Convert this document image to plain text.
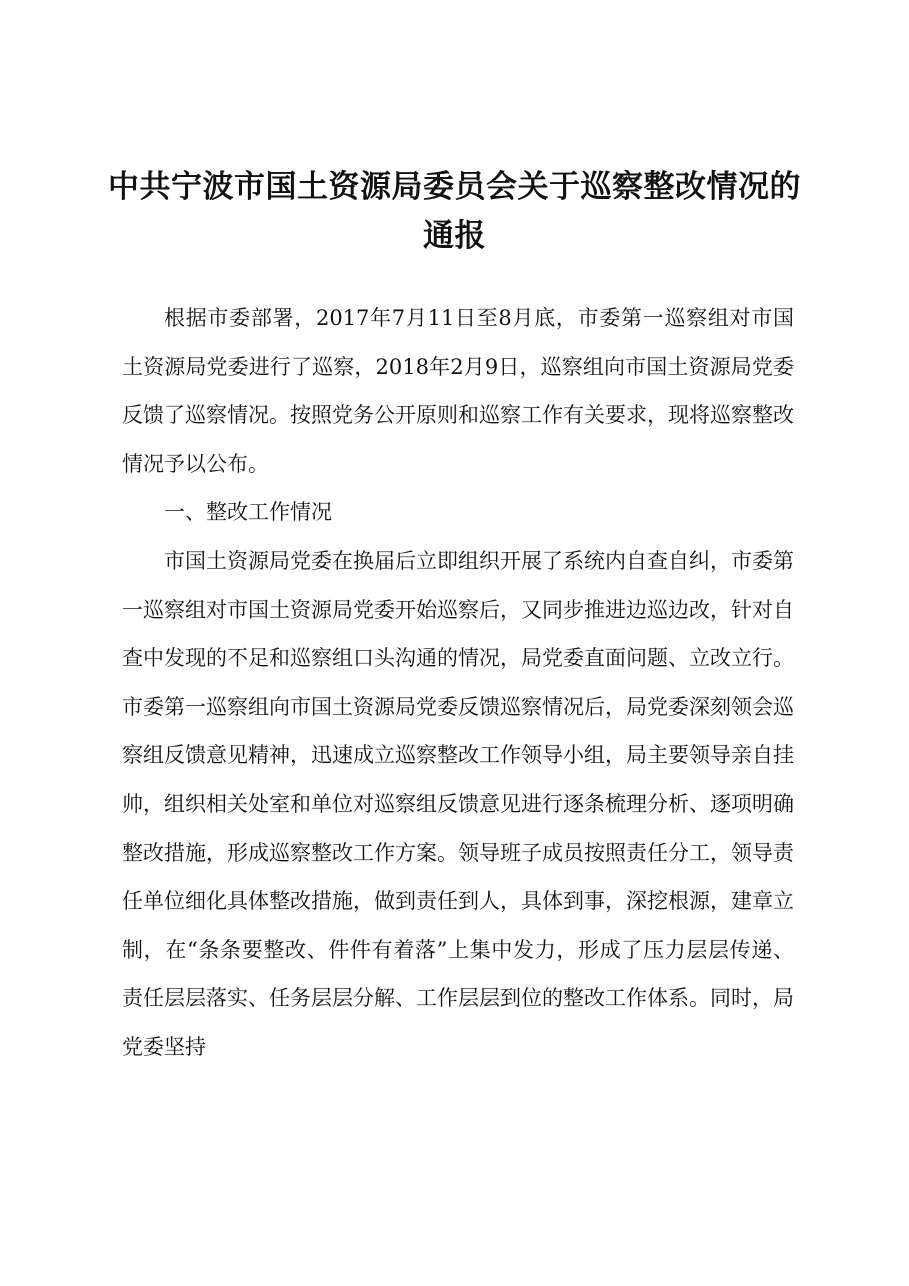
中共宁波市国土资源局委员会关于巡察整改情况的通报

根据市委部署，2017年7月11日至8月底，市委第一巡察组对市国土资源局党委进行了巡察，2018年2月9日，巡察组向市国土资源局党委反馈了巡察情况。按照党务公开原则和巡察工作有关要求，现将巡察整改情况予以公布。

一、整改工作情况

市国土资源局党委在换届后立即组织开展了系统内自查自纠，市委第一巡察组对市国土资源局党委开始巡察后，又同步推进边巡边改，针对自查中发现的不足和巡察组口头沟通的情况，局党委直面问题、立改立行。市委第一巡察组向市国土资源局党委反馈巡察情况后，局党委深刻领会巡察组反馈意见精神，迅速成立巡察整改工作领导小组，局主要领导亲自挂帅，组织相关处室和单位对巡察组反馈意见进行逐条梳理分析、逐项明确整改措施，形成巡察整改工作方案。领导班子成员按照责任分工，领导责任单位细化具体整改措施，做到责任到人，具体到事，深挖根源，建章立制，在“条条要整改、件件有着落”上集中发力，形成了压力层层传递、责任层层落实、任务层层分解、工作层层到位的整改工作体系。同时，局党委坚持
